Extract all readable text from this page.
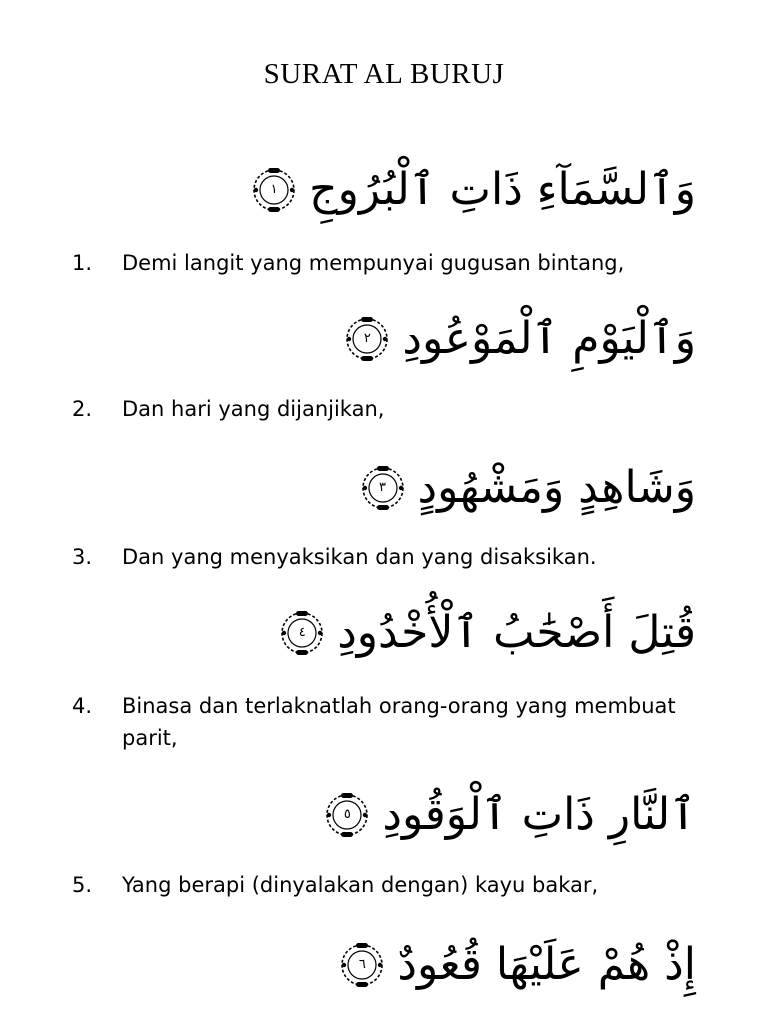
SURAT AL BURUJ
وَٱلسَّمَآءِ ذَاتِ ٱلْبُرُوجِ
١
1.	Demi langit yang mempunyai gugusan bintang,
وَٱلْيَوْمِ ٱلْمَوْعُودِ
٢
2.	Dan hari yang dijanjikan,
وَشَاهِدٍ وَمَشْهُودٍ
٣
3.	Dan yang menyaksikan dan yang disaksikan.
قُتِلَ أَصْحَٰبُ ٱلْأُخْدُودِ
٤
4.	Binasa dan terlaknatlah orang-orang yang membuat parit,
ٱلنَّارِ ذَاتِ ٱلْوَقُودِ
٥
5.	Yang berapi (dinyalakan dengan) kayu bakar,
إِذْ هُمْ عَلَيْهَا قُعُودٌ
٦
